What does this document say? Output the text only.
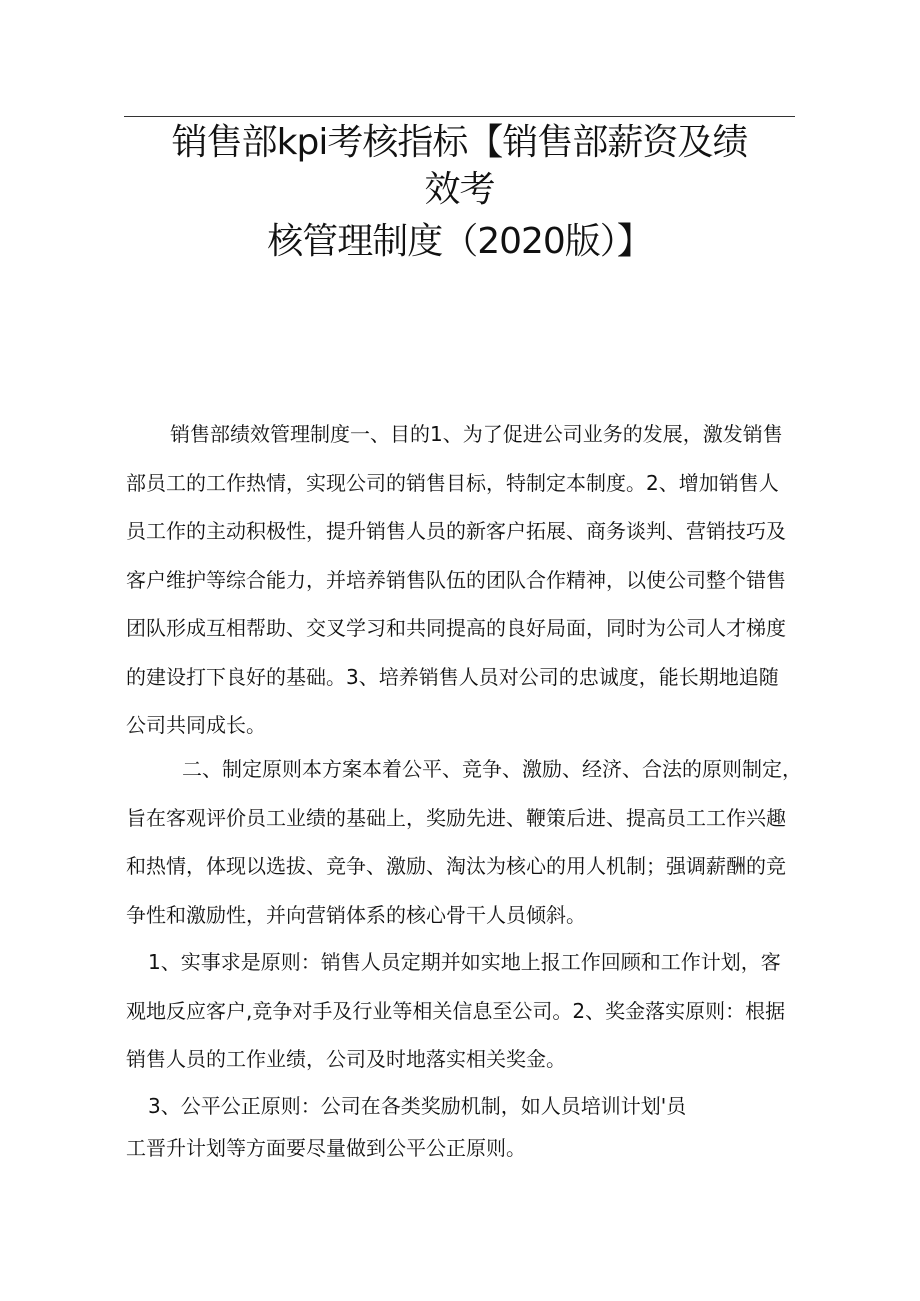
销售部kpi考核指标【销售部薪资及绩
效考
核管理制度（2020版）】
销售部绩效管理制度一、目的1、为了促进公司业务的发展，激发销售
部员工的工作热情，实现公司的销售目标，特制定本制度。2、增加销售人
员工作的主动积极性，提升销售人员的新客户拓展、商务谈判、营销技巧及
客户维护等综合能力，并培养销售队伍的团队合作精神，以使公司整个错售
团队形成互相帮助、交叉学习和共同提高的良好局面，同时为公司人才梯度
的建设打下良好的基础。3、培养销售人员对公司的忠诚度，能长期地追随
公司共同成长。
二、制定原则本方案本着公平、竞争、激励、经济、合法的原则制定，
旨在客观评价员工业绩的基础上，奖励先进、鞭策后进、提高员工工作兴趣
和热情，体现以选拔、竞争、激励、淘汰为核心的用人机制；强调薪酬的竞
争性和激励性，并向营销体系的核心骨干人员倾斜。
1、实事求是原则：销售人员定期并如实地上报工作回顾和工作计划，客
观地反应客户,竞争对手及行业等相关信息至公司。2、奖金落实原则：根据
销售人员的工作业绩，公司及时地落实相关奖金。
3、公平公正原则：公司在各类奖励机制，如人员培训计划'员
工晋升计划等方面要尽量做到公平公正原则。
